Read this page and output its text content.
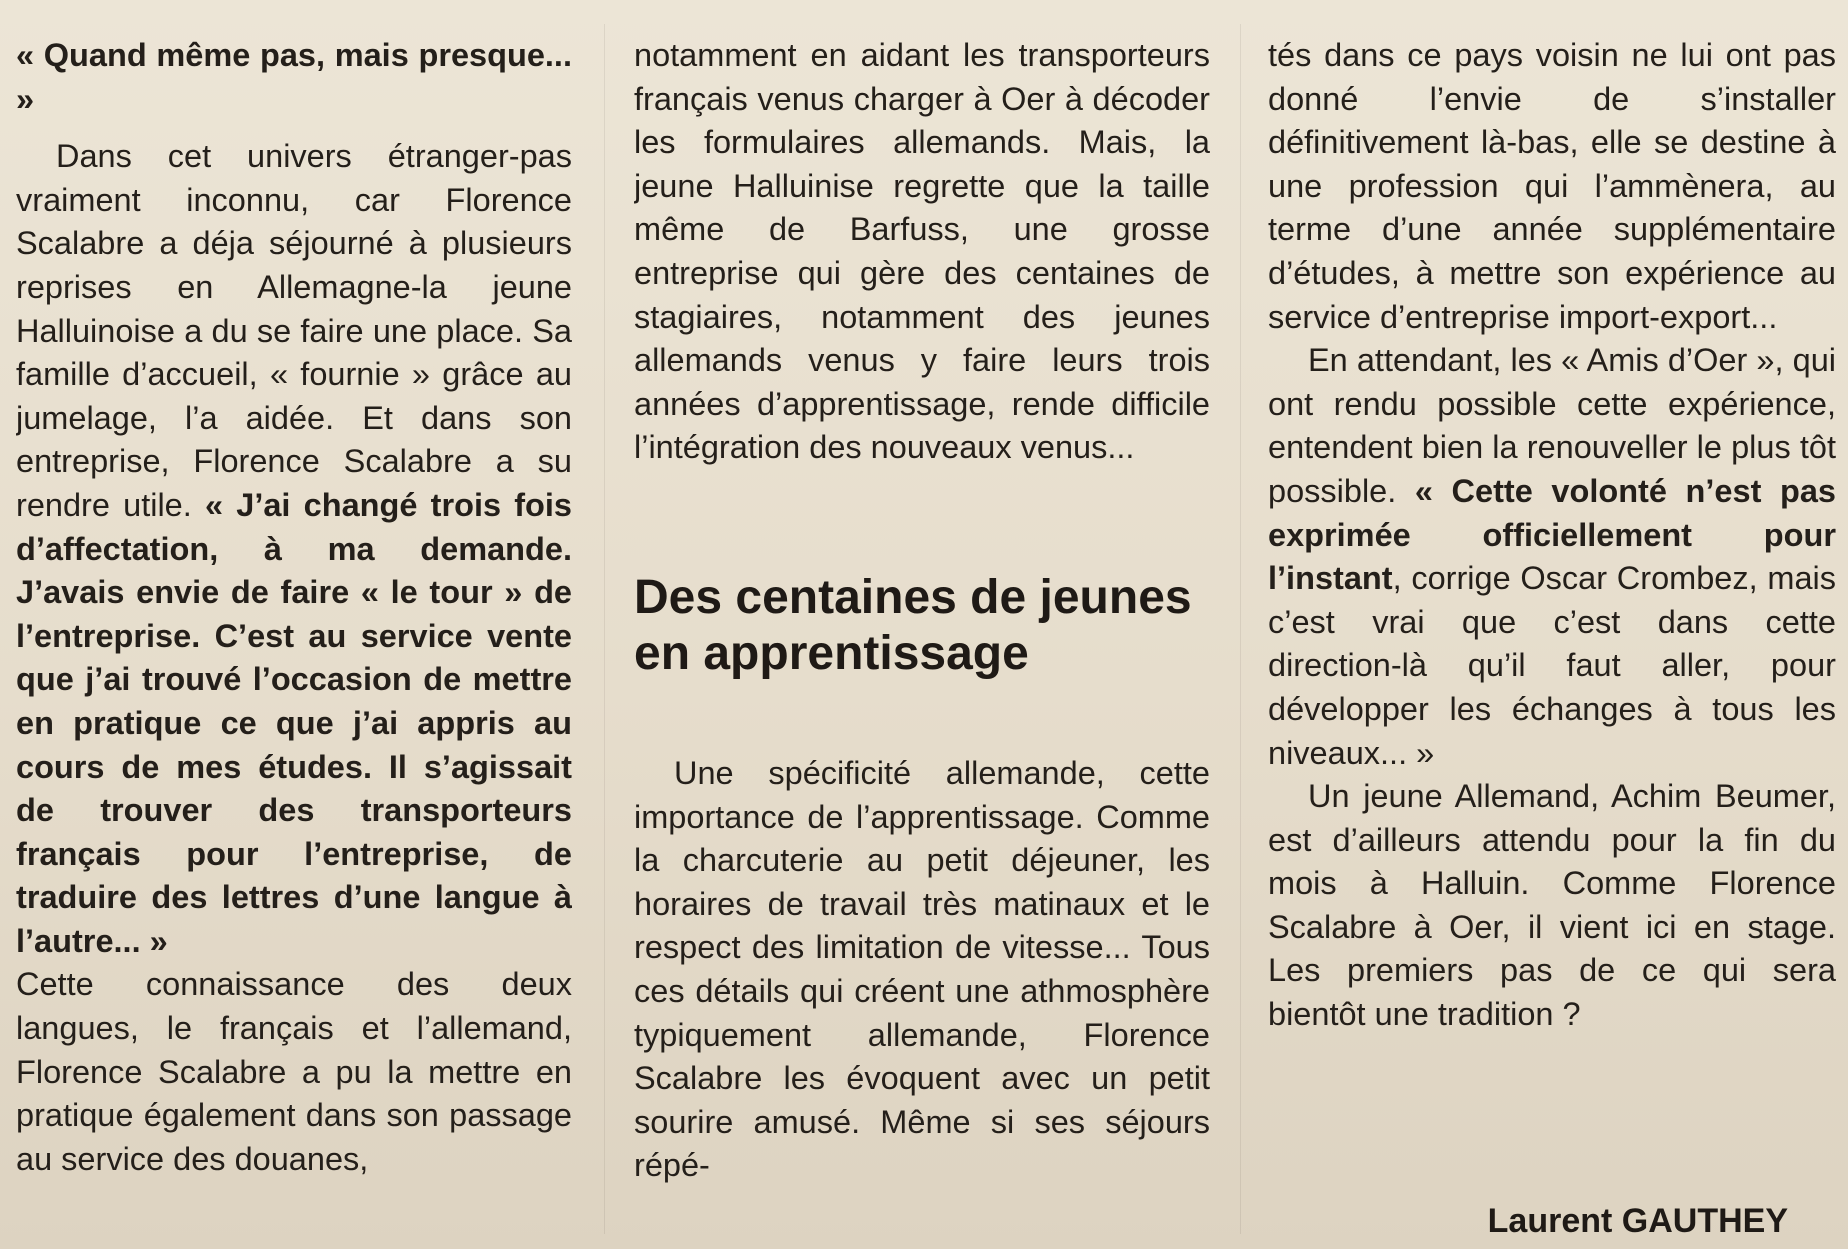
« Quand même pas, mais presque... »

Dans cet univers étranger-pas vraiment inconnu, car Florence Scalabre a déja séjourné à plusieurs reprises en Allemagne-la jeune Halluinoise a du se faire une place. Sa famille d’accueil, « fournie » grâce au jumelage, l’a aidée. Et dans son entreprise, Florence Scalabre a su rendre utile. « J’ai changé trois fois d’affectation, à ma demande. J’avais envie de faire « le tour » de l’entreprise. C’est au service vente que j’ai trouvé l’occasion de mettre en pratique ce que j’ai appris au cours de mes études. Il s’agissait de trouver des transporteurs français pour l’entreprise, de traduire des lettres d’une langue à l’autre... »

Cette connaissance des deux langues, le français et l’allemand, Florence Scalabre a pu la mettre en pratique également dans son passage au service des douanes,

notamment en aidant les transporteurs français venus charger à Oer à décoder les formulaires allemands. Mais, la jeune Halluinise regrette que la taille même de Barfuss, une grosse entreprise qui gère des centaines de stagiaires, notamment des jeunes allemands venus y faire leurs trois années d’apprentissage, rende difficile l’intégration des nouveaux venus...

Des centaines de jeunes en apprentissage

Une spécificité allemande, cette importance de l’apprentissage. Comme la charcuterie au petit déjeuner, les horaires de travail très matinaux et le respect des limitation de vitesse... Tous ces détails qui créent une athmosphère typiquement allemande, Florence Scalabre les évoquent avec un petit sourire amusé. Même si ses séjours répé-

tés dans ce pays voisin ne lui ont pas donné l’envie de s’installer définitivement là-bas, elle se destine à une profession qui l’ammènera, au terme d’une année supplémentaire d’études, à mettre son expérience au service d’entreprise import-export...

En attendant, les « Amis d’Oer », qui ont rendu possible cette expérience, entendent bien la renouveller le plus tôt possible. « Cette volonté n’est pas exprimée officiellement pour l’instant, corrige Oscar Crombez, mais c’est vrai que c’est dans cette direction-là qu’il faut aller, pour développer les échanges à tous les niveaux... »

Un jeune Allemand, Achim Beumer, est d’ailleurs attendu pour la fin du mois à Halluin. Comme Florence Scalabre à Oer, il vient ici en stage. Les premiers pas de ce qui sera bientôt une tradition ?

Laurent GAUTHEY
